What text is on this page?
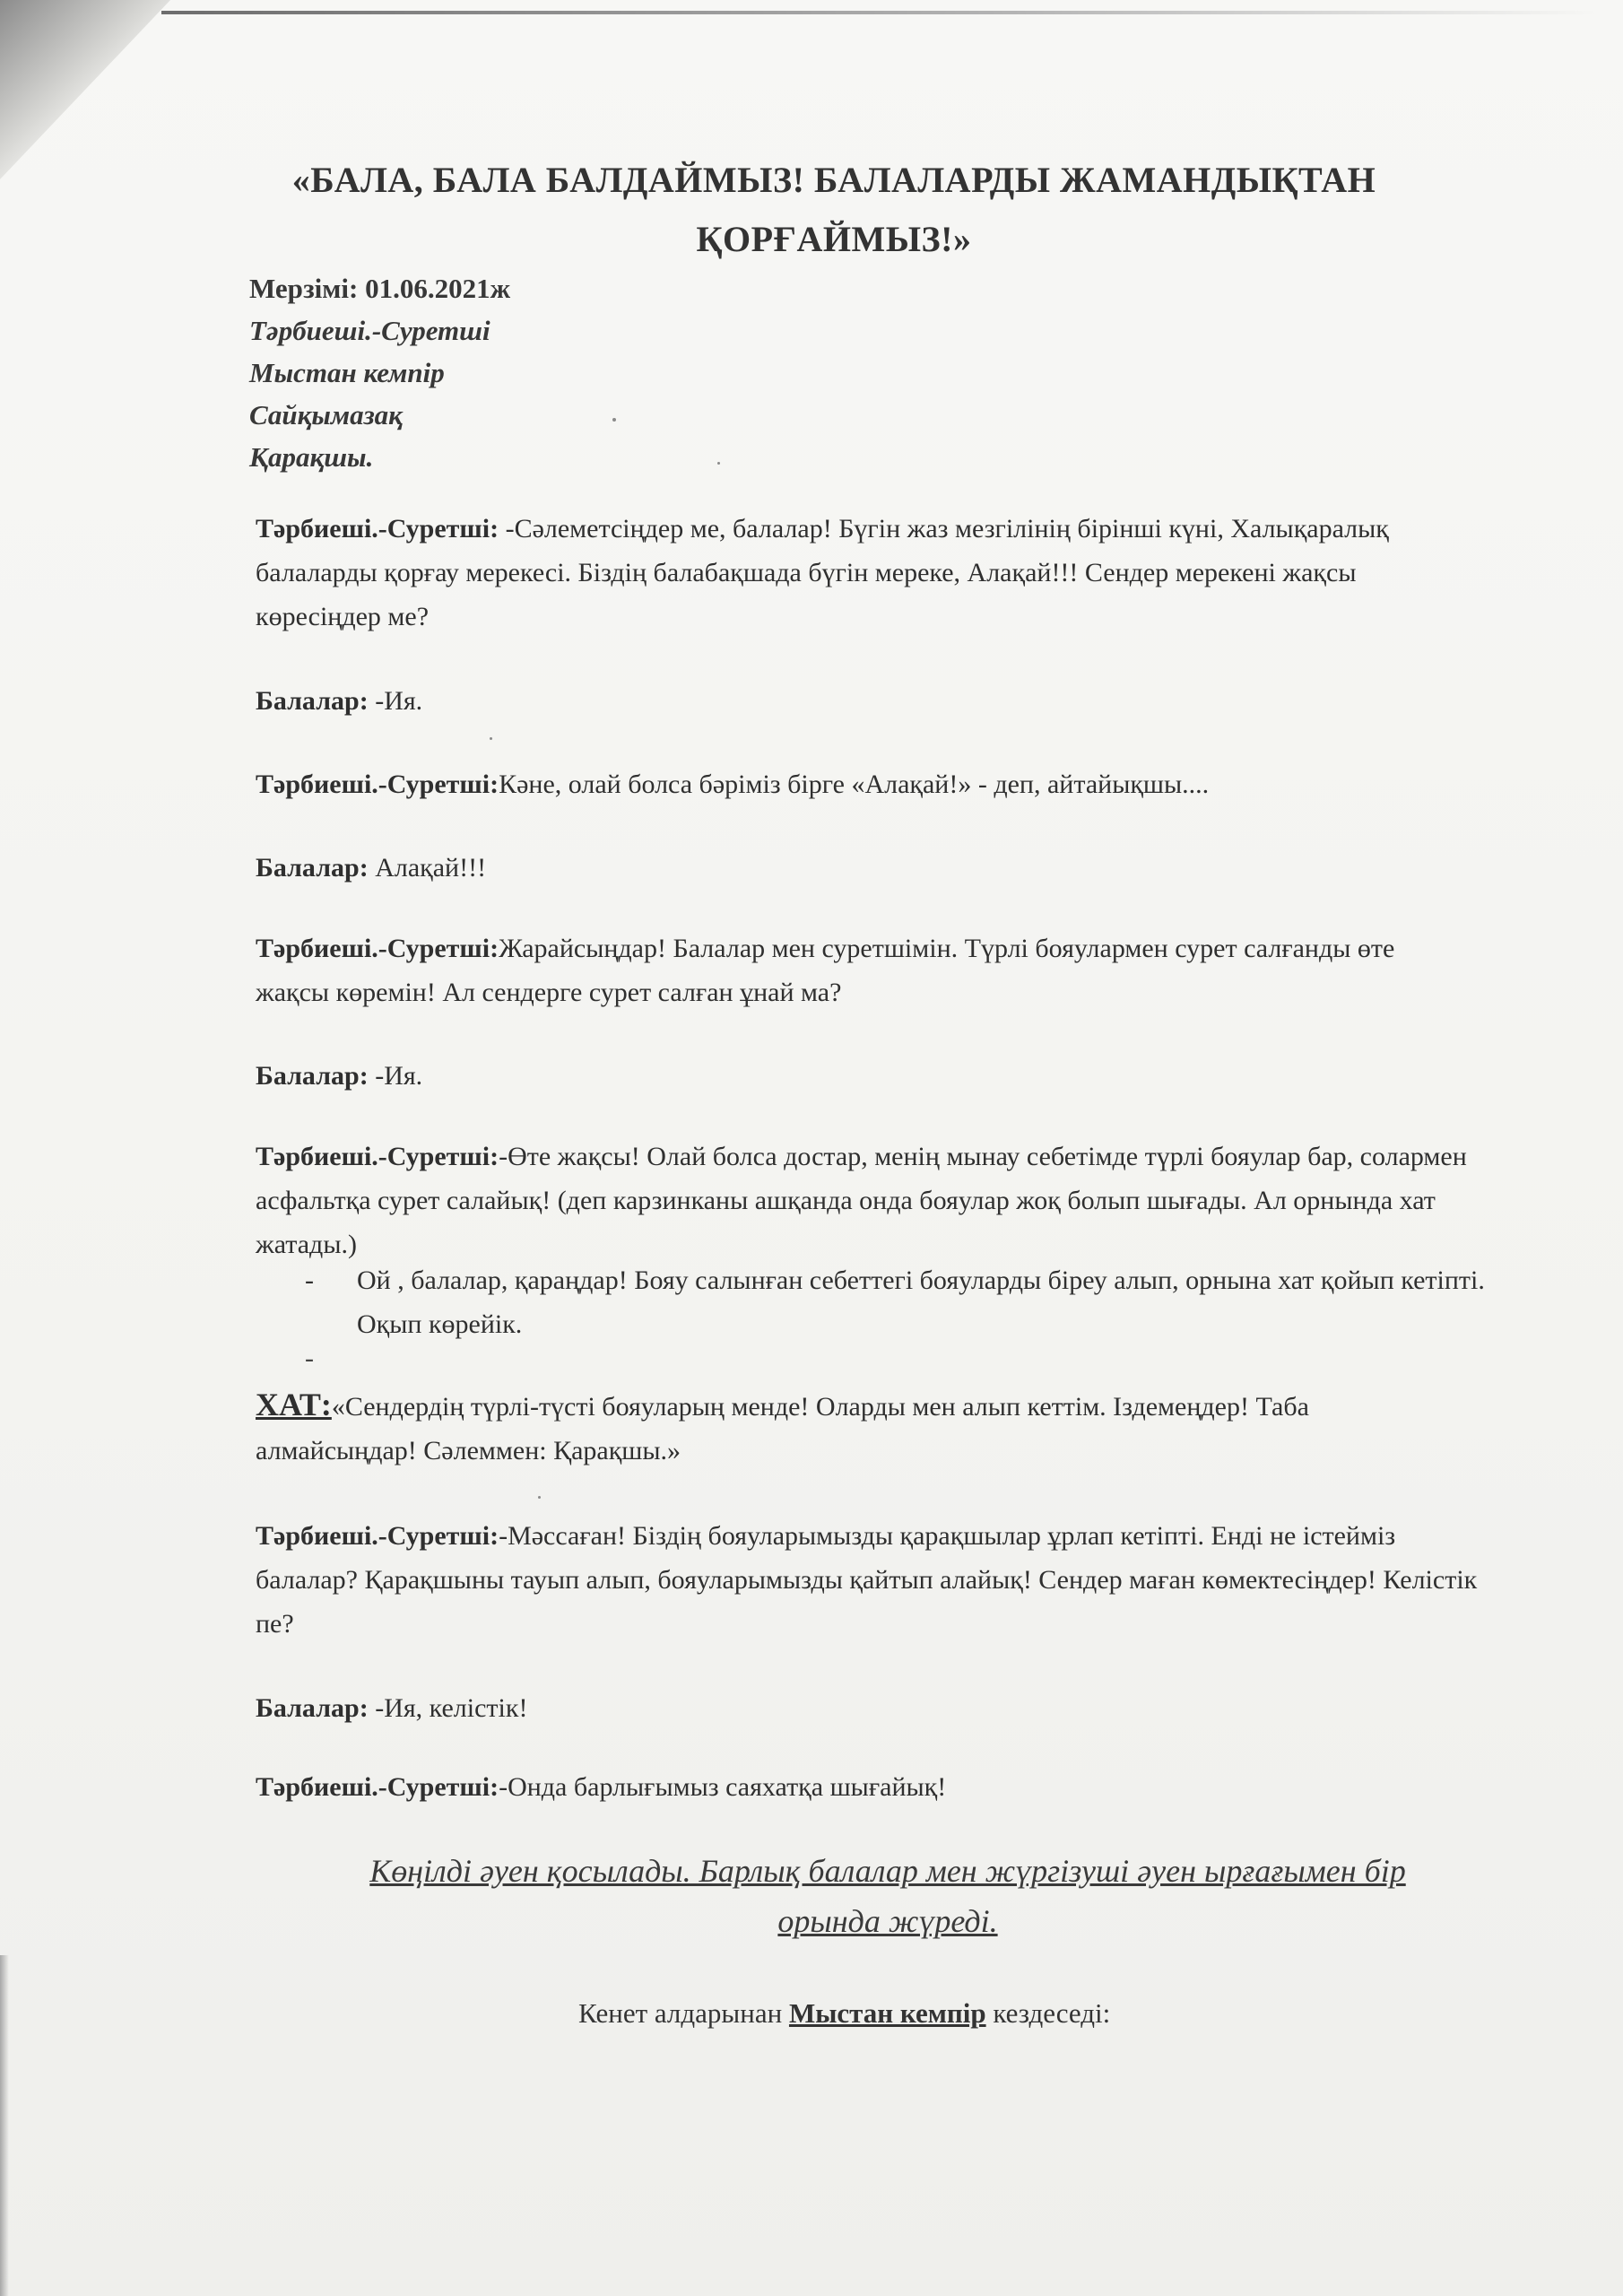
«БАЛА, БАЛА БАЛДАЙМЫЗ! БАЛАЛАРДЫ ЖАМАНДЫҚТАН
ҚОРҒАЙМЫЗ!»
Мерзімі: 01.06.2021ж
Тәрбиеші.-Суретші
Мыстан кемпір
Сайқымазақ
Қарақшы.
Тәрбиеші.-Суретші: -Сәлеметсіңдер ме, балалар! Бүгін жаз мезгілінің бірінші күні, Халықаралық балаларды қорғау мерекесі. Біздің балабақшада бүгін мереке, Алақай!!! Сендер мерекені жақсы көресіңдер ме?
Балалар: -Ия.
Тәрбиеші.-Суретші:Кәне, олай болса бәріміз бірге «Алақай!» - деп, айтайықшы....
Балалар: Алақай!!!
Тәрбиеші.-Суретші:Жарайсыңдар! Балалар мен суретшімін. Түрлі бояулармен сурет салғанды өте жақсы көремін! Ал сендерге сурет салған ұнай ма?
Балалар: -Ия.
Тәрбиеші.-Суретші:-Өте жақсы! Олай болса достар, менің мынау себетімде түрлі бояулар бар, солармен асфальтқа сурет салайық! (деп карзинканы ашқанда онда бояулар жоқ болып шығады. Ал орнында хат жатады.)
- Ой , балалар, қараңдар! Бояу салынған себеттегі бояуларды біреу алып, орнына хат қойып кетіпті. Оқып көрейік.
-
ХАТ:«Сендердің түрлі-түсті бояуларың менде! Оларды мен алып кеттім. Іздемеңдер! Таба алмайсыңдар! Сәлеммен: Қарақшы.»
Тәрбиеші.-Суретші:-Мәссаған! Біздің бояуларымызды қарақшылар ұрлап кетіпті. Енді не істейміз балалар? Қарақшыны тауып алып, бояуларымызды қайтып алайық! Сендер маған көмектесіңдер! Келістік пе?
Балалар: -Ия, келістік!
Тәрбиеші.-Суретші:-Онда барлығымыз саяхатқа шығайық!
Көңілді әуен қосылады. Барлық балалар мен жүргізуші әуен ырғағымен бір
орында жүреді.
Кенет алдарынан Мыстан кемпір кездеседі:
